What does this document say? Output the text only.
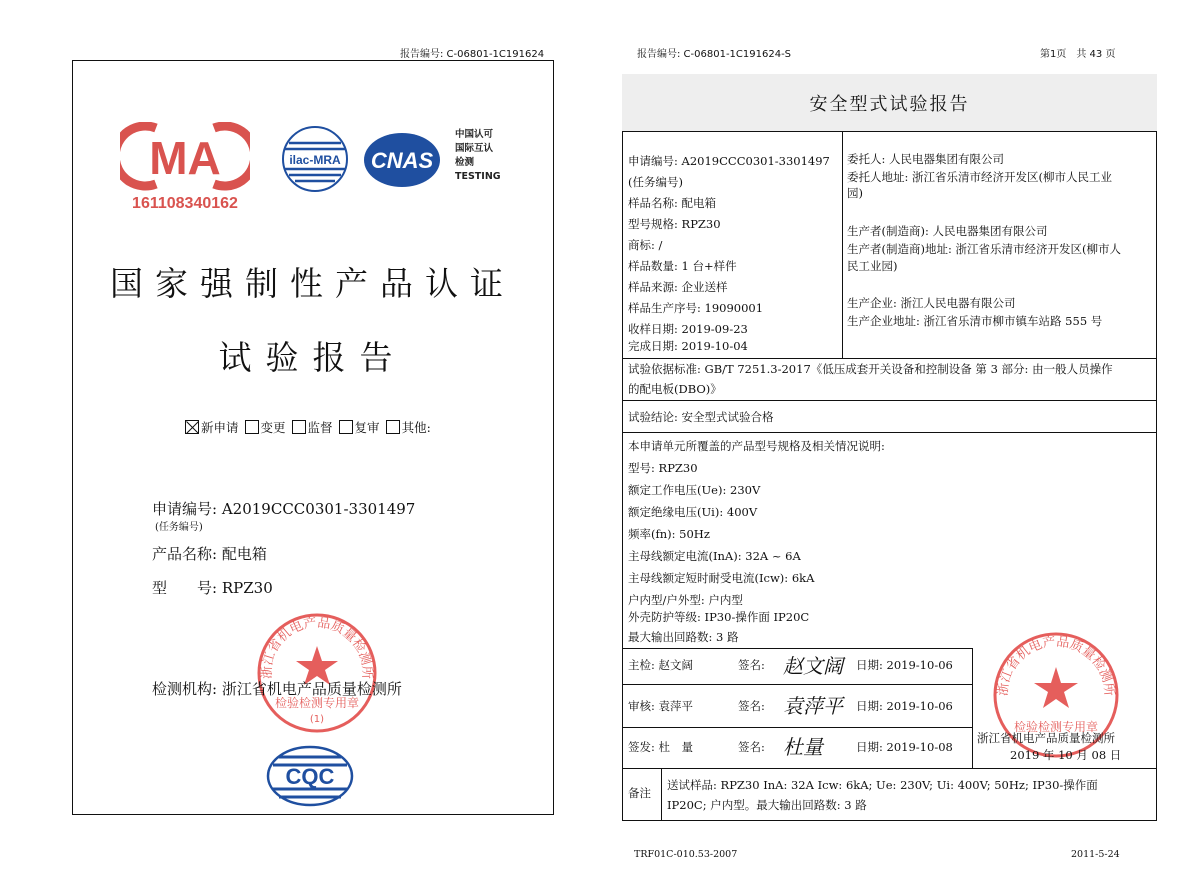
报告编号: C-06801-1C191624
MA
161108340162
ilac-MRA CNAS
中国认可
国际互认
检测
TESTING
国家强制性产品认证
试验报告
新申请 变更 监督 复审 其他:
申请编号: A2019CCC0301-3301497
(任务编号)
产品名称: 配电箱
型　　号: RPZ30
浙江省机电产品质量检测所
检验检测专用章
(1)
检测机构: 浙江省机电产品质量检测所
CQC
报告编号: C-06801-1C191624-S	第1页　共 43 页
安全型式试验报告
申请编号: A2019CCC0301-3301497
(任务编号)
样品名称: 配电箱
型号规格: RPZ30
商标: /
样品数量: 1 台+样件
样品来源: 企业送样
样品生产序号: 19090001
收样日期: 2019-09-23
完成日期: 2019-10-04
委托人: 人民电器集团有限公司
委托人地址: 浙江省乐清市经济开发区(柳市人民工业
园)
生产者(制造商): 人民电器集团有限公司
生产者(制造商)地址: 浙江省乐清市经济开发区(柳市人
民工业园)
生产企业: 浙江人民电器有限公司
生产企业地址: 浙江省乐清市柳市镇车站路 555 号
试验依据标准: GB/T 7251.3-2017《低压成套开关设备和控制设备 第 3 部分: 由一般人员操作
的配电板(DBO)》
试验结论: 安全型式试验合格
本申请单元所覆盖的产品型号规格及相关情况说明:
型号: RPZ30
额定工作电压(Ue): 230V
额定绝缘电压(Ui): 400V
频率(fn): 50Hz
主母线额定电流(InA): 32A ~ 6A
主母线额定短时耐受电流(Icw): 6kA
户内型/户外型: 户内型
外壳防护等级: IP30-操作面 IP20C
最大输出回路数: 3 路
主检: 赵文阔	签名: 赵文阔 日期: 2019-10-06
审核: 袁萍平	签名: 袁萍平 日期: 2019-10-06
签发: 杜　量	签名: 杜量	日期: 2019-10-08
浙江省机电产品质量检测所
检验检测专用章
浙江省机电产品质量检测所
2019 年 10 月 08 日
备注
送试样品: RPZ30 InA: 32A Icw: 6kA; Ue: 230V; Ui: 400V; 50Hz; IP30-操作面
IP20C; 户内型。最大输出回路数: 3 路
TRF01C-010.53-2007	2011-5-24
